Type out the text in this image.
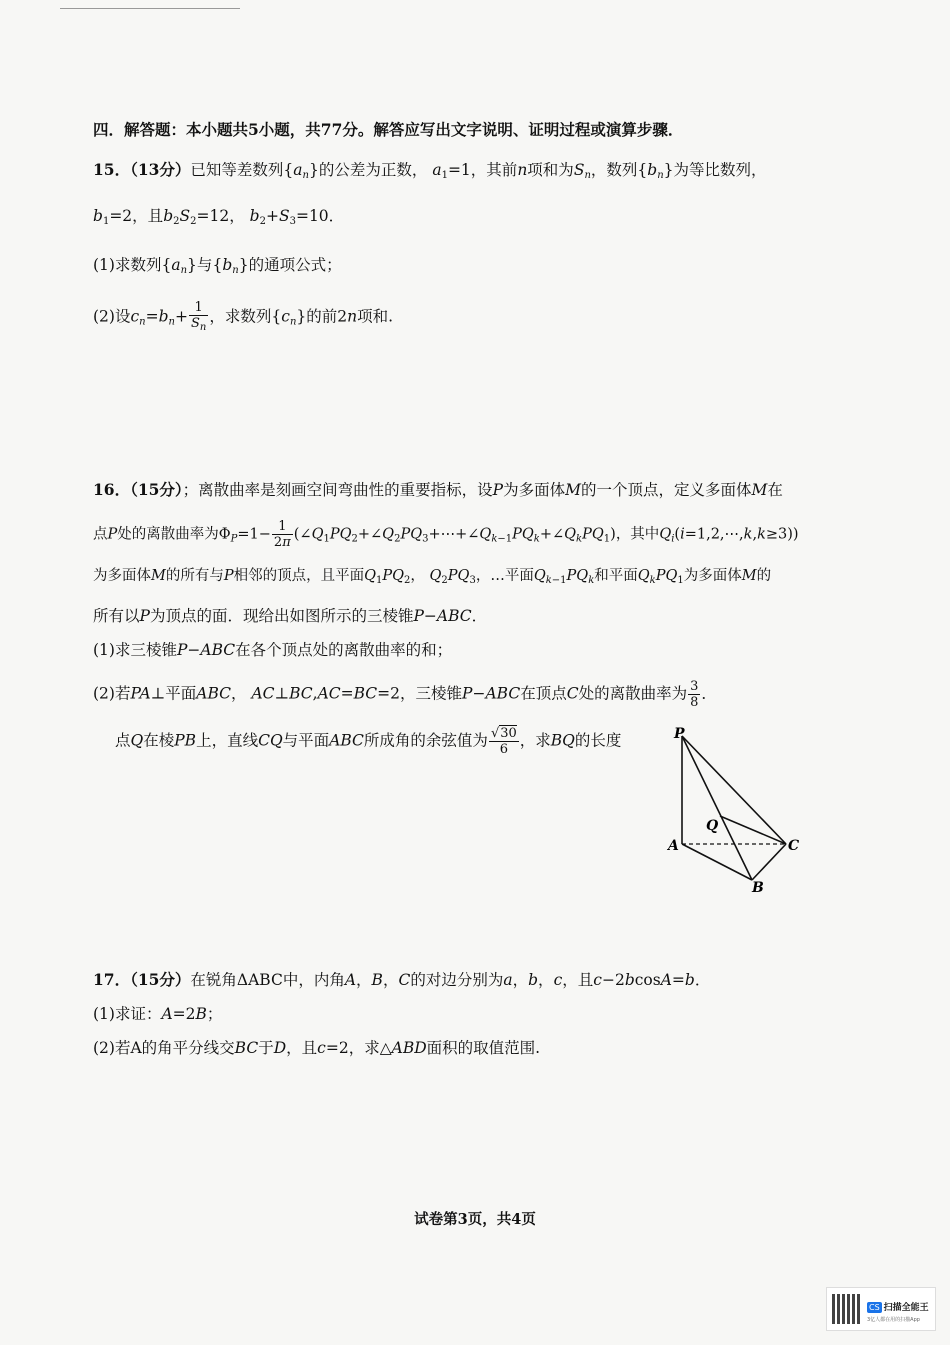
四．解答题：本小题共5小题，共77分。解答应写出文字说明、证明过程或演算步骤．
15．（13分）已知等差数列$\{a_n\}$的公差为正数， $a_1=1$，其前n项和为$S_n$，数列$\{b_n\}$为等比数列，
$b_1=2$，且$b_2S_2=12$， $b_2+S_3=10$．
(1)求数列$\{a_n\}$与$\{b_n\}$的通项公式；
(2)设$c_n=b_n+ \frac{1}{S_n}$ ，求数列$\{c_n\}$的前2n项和.
16．（15分）；离散曲率是刻画空间弯曲性的重要指标，设P为多面体M的一个顶点，定义多面体M在
点P处的离散曲率为$\Phi_P=1- \frac{1}{2\pi}$ $(\angle Q_1PQ_2+\angle Q_2PQ_3+\cdots+\angle Q_{k-1}PQ_k+\angle Q_kPQ_1)$，其中$Q_i(i=1,2,\cdots,k,k\ge 3)$)
为多面体M的所有与P相邻的顶点，且平面$Q_1PQ_2$， $Q_2PQ_3$，…平面$Q_{k-1}PQ_k$和平面$Q_kPQ_1$为多面体M的
所有以P为顶点的面．现给出如图所示的三棱锥P−ABC．
(1)求三棱锥P−ABC在各个顶点处的离散曲率的和；
(2)若PA⊥平面ABC， AC⊥BC,AC=BC=2，三棱锥P−ABC在顶点C处的离散曲率为 $\frac{3}{8}$ ．
点Q在棱PB上，直线CQ与平面ABC所成角的余弦值为 $\frac{√30}{6}$ ，求BQ的长度	P
Q
A
B
C
17．（15分）在锐角ΔABC中，内角A，B，C的对边分别为a，b，c，且c−2bcosA=b．
(1)求证：A=2B；
(2)若A的角平分线交BC于D，且c=2，求△ABD面积的取值范围.
试卷第3页，共4页
CS 扫描全能王
3亿人都在用的扫描App
